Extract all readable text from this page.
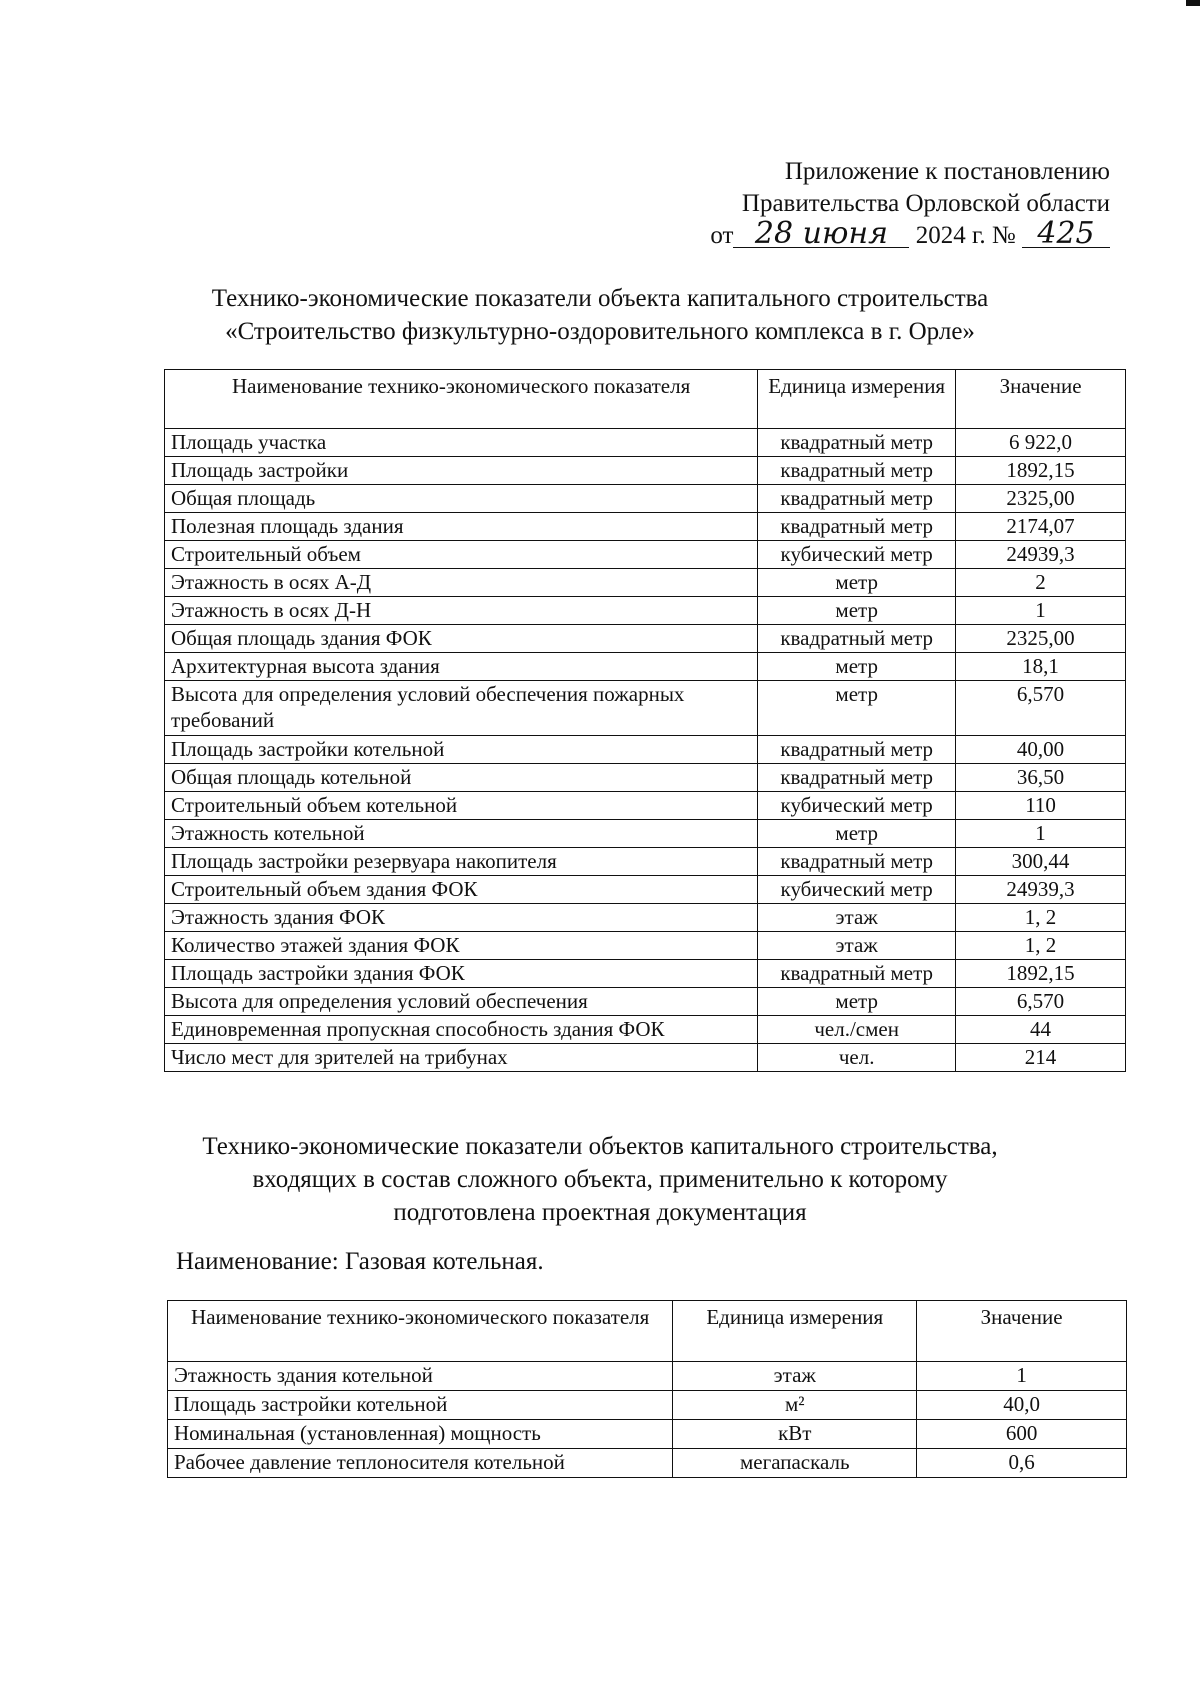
Приложение к постановлению
Правительства Орловской области
от 28 июня 2024 г. № 425
Технико-экономические показатели объекта капитального строительства
«Строительство физкультурно-оздоровительного комплекса в г. Орле»
Наименование технико-экономического показателя	Единица измерения	Значение
Площадь участка	квадратный метр	6 922,0
Площадь застройки	квадратный метр	1892,15
Общая площадь	квадратный метр	2325,00
Полезная площадь здания	квадратный метр	2174,07
Строительный объем	кубический метр	24939,3
Этажность в осях А-Д	метр	2
Этажность в осях Д-Н	метр	1
Общая площадь здания ФОК	квадратный метр	2325,00
Архитектурная высота здания	метр	18,1
Высота для определения условий обеспечения пожарных требований	метр	6,570
Площадь застройки котельной	квадратный метр	40,00
Общая площадь котельной	квадратный метр	36,50
Строительный объем котельной	кубический метр	110
Этажность котельной	метр	1
Площадь застройки резервуара накопителя	квадратный метр	300,44
Строительный объем здания ФОК	кубический метр	24939,3
Этажность здания ФОК	этаж	1, 2
Количество этажей здания ФОК	этаж	1, 2
Площадь застройки здания ФОК	квадратный метр	1892,15
Высота для определения условий обеспечения	метр	6,570
Единовременная пропускная способность здания ФОК	чел./смен	44
Число мест для зрителей на трибунах	чел.	214
Технико-экономические показатели объектов капитального строительства,
входящих в состав сложного объекта, применительно к которому
подготовлена проектная документация
Наименование: Газовая котельная.
Наименование технико-экономического показателя	Единица измерения	Значение
Этажность здания котельной	этаж	1
Площадь застройки котельной	м²	40,0
Номинальная (установленная) мощность	кВт	600
Рабочее давление теплоносителя котельной	мегапаскаль	0,6
